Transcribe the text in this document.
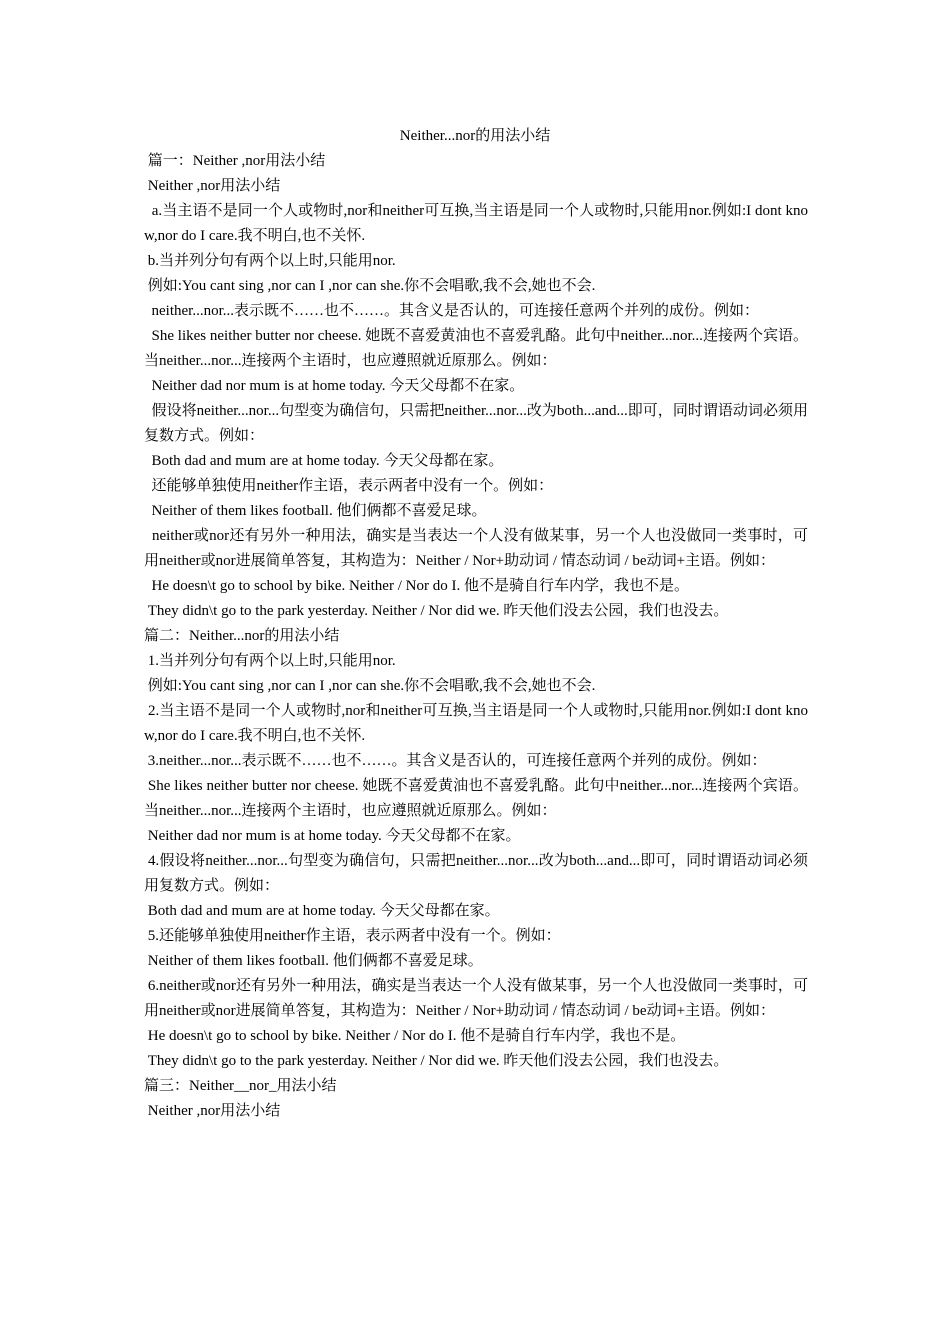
Neither...nor的用法小结

篇一：Neither ,nor用法小结

Neither ,nor用法小结

a.当主语不是同一个人或物时,nor和neither可互换,当主语是同一个人或物时,只能用nor.例如:I dont know,nor do I care.我不明白,也不关怀.

b.当并列分句有两个以上时,只能用nor.

例如:You cant sing ,nor can I ,nor can she.你不会唱歌,我不会,她也不会.

neither...nor...表示既不……也不……。其含义是否认的，可连接任意两个并列的成份。例如：

She likes neither butter nor cheese. 她既不喜爱黄油也不喜爱乳酪。此句中neither...nor...连接两个宾语。当neither...nor...连接两个主语时，也应遵照就近原那么。例如：

Neither dad nor mum is at home today. 今天父母都不在家。

假设将neither...nor...句型变为确信句，只需把neither...nor...改为both...and...即可，同时谓语动词必须用复数方式。例如：

Both dad and mum are at home today. 今天父母都在家。

还能够单独使用neither作主语，表示两者中没有一个。例如：

Neither of them likes football. 他们俩都不喜爱足球。

neither或nor还有另外一种用法，确实是当表达一个人没有做某事，另一个人也没做同一类事时，可用neither或nor进展简单答复，其构造为：Neither / Nor+助动词 / 情态动词 / be动词+主语。例如：

He doesn\t go to school by bike. Neither / Nor do I. 他不是骑自行车内学，我也不是。

They didn\t go to the park yesterday. Neither / Nor did we. 昨天他们没去公园，我们也没去。

篇二：Neither...nor的用法小结

1.当并列分句有两个以上时,只能用nor.

例如:You cant sing ,nor can I ,nor can she.你不会唱歌,我不会,她也不会.

2.当主语不是同一个人或物时,nor和neither可互换,当主语是同一个人或物时,只能用nor.例如:I dont know,nor do I care.我不明白,也不关怀.

3.neither...nor...表示既不……也不……。其含义是否认的，可连接任意两个并列的成份。例如：

She likes neither butter nor cheese. 她既不喜爱黄油也不喜爱乳酪。此句中neither...nor...连接两个宾语。当neither...nor...连接两个主语时，也应遵照就近原那么。例如：

Neither dad nor mum is at home today. 今天父母都不在家。

4.假设将neither...nor...句型变为确信句，只需把neither...nor...改为both...and...即可，同时谓语动词必须用复数方式。例如：

Both dad and mum are at home today. 今天父母都在家。

5.还能够单独使用neither作主语，表示两者中没有一个。例如：

Neither of them likes football. 他们俩都不喜爱足球。

6.neither或nor还有另外一种用法，确实是当表达一个人没有做某事，另一个人也没做同一类事时，可用neither或nor进展简单答复，其构造为：Neither / Nor+助动词 / 情态动词 / be动词+主语。例如：

He doesn\t go to school by bike. Neither / Nor do I. 他不是骑自行车内学，我也不是。

They didn\t go to the park yesterday. Neither / Nor did we. 昨天他们没去公园，我们也没去。

篇三：Neither__nor_用法小结

Neither ,nor用法小结
